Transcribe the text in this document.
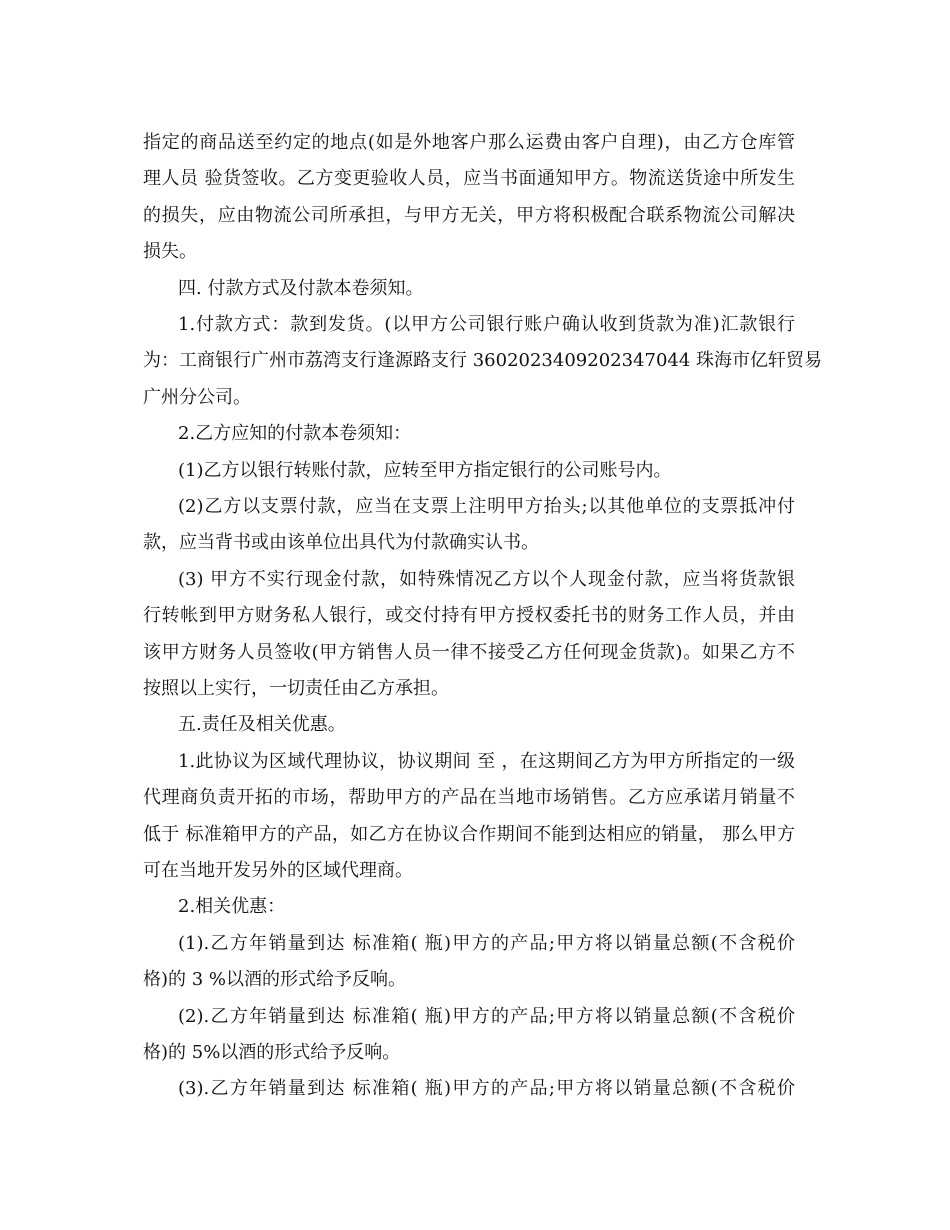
指定的商品送至约定的地点(如是外地客户那么运费由客户自理)，由乙方仓库管
理人员 验货签收。乙方变更验收人员，应当书面通知甲方。物流送货途中所发生
的损失，应由物流公司所承担，与甲方无关，甲方将积极配合联系物流公司解决
损失。
四. 付款方式及付款本卷须知。
1.付款方式：款到发货。(以甲方公司银行账户确认收到货款为准)汇款银行
为：工商银行广州市荔湾支行逢源路支行 3602023409202347044 珠海市亿轩贸易
广州分公司。
2.乙方应知的付款本卷须知：
(1)乙方以银行转账付款，应转至甲方指定银行的公司账号内。
(2)乙方以支票付款，应当在支票上注明甲方抬头;以其他单位的支票抵冲付
款，应当背书或由该单位出具代为付款确实认书。
(3) 甲方不实行现金付款，如特殊情况乙方以个人现金付款，应当将货款银
行转帐到甲方财务私人银行，或交付持有甲方授权委托书的财务工作人员，并由
该甲方财务人员签收(甲方销售人员一律不接受乙方任何现金货款)。如果乙方不
按照以上实行，一切责任由乙方承担。
五.责任及相关优惠。
1.此协议为区域代理协议，协议期间 至 ，在这期间乙方为甲方所指定的一级
代理商负责开拓的市场，帮助甲方的产品在当地市场销售。乙方应承诺月销量不
低于 标准箱甲方的产品，如乙方在协议合作期间不能到达相应的销量， 那么甲方
可在当地开发另外的区域代理商。
2.相关优惠：
(1).乙方年销量到达 标准箱( 瓶)甲方的产品;甲方将以销量总额(不含税价
格)的 3 %以酒的形式给予反响。
(2).乙方年销量到达 标准箱( 瓶)甲方的产品;甲方将以销量总额(不含税价
格)的 5%以酒的形式给予反响。
(3).乙方年销量到达 标准箱( 瓶)甲方的产品;甲方将以销量总额(不含税价
